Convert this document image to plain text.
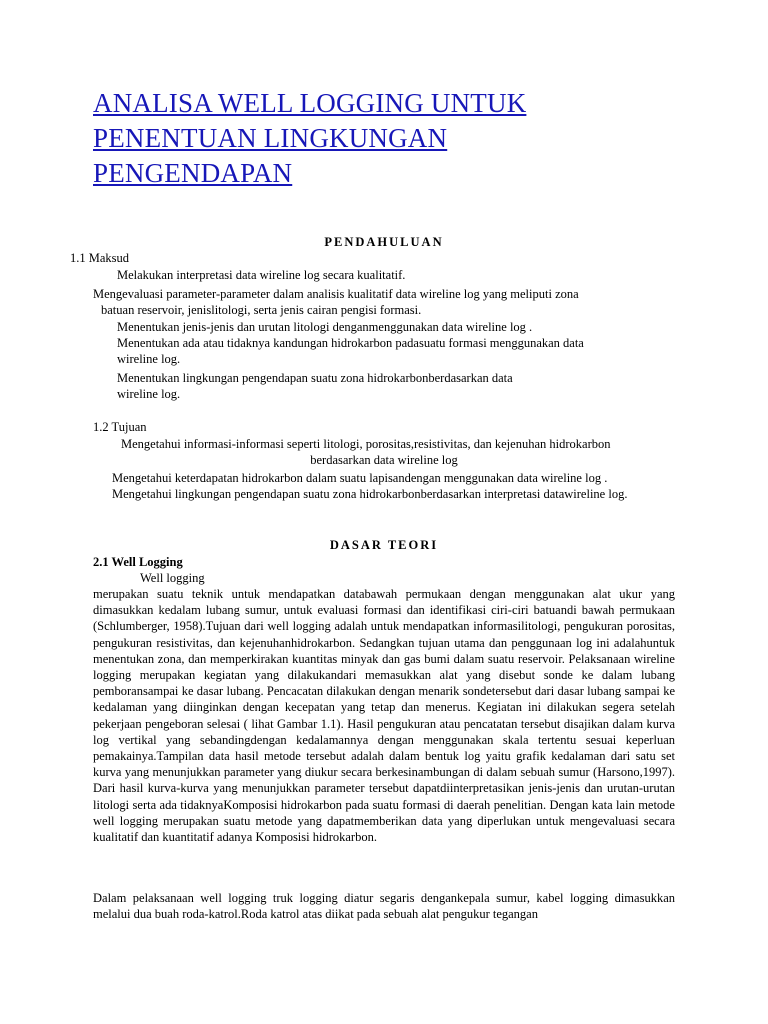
ANALISA WELL LOGGING UNTUK PENENTUAN LINGKUNGAN PENGENDAPAN
PENDAHULUAN
1.1 Maksud
Melakukan interpretasi data wireline log secara kualitatif.
Mengevaluasi parameter-parameter dalam analisis kualitatif data wireline log yang meliputi zona
batuan reservoir, jenislitologi, serta jenis cairan pengisi formasi.
Menentukan jenis-jenis dan urutan litologi denganmenggunakan data wireline log .
Menentukan ada atau tidaknya kandungan hidrokarbon padasuatu formasi menggunakan data
wireline log.
Menentukan lingkungan pengendapan suatu zona hidrokarbonberdasarkan data
wireline log.
1.2 Tujuan
Mengetahui informasi-informasi seperti litologi, porositas,resistivitas, dan kejenuhan hidrokarbon
berdasarkan data wireline log
Mengetahui keterdapatan hidrokarbon dalam suatu lapisandengan menggunakan data wireline log .
Mengetahui lingkungan pengendapan suatu zona hidrokarbonberdasarkan interpretasi datawireline log.
DASAR TEORI
2.1 Well Logging
Well logging
merupakan suatu teknik untuk mendapatkan databawah permukaan dengan menggunakan alat ukur yang dimasukkan kedalam lubang sumur, untuk evaluasi formasi dan identifikasi ciri-ciri batuandi bawah permukaan (Schlumberger, 1958).Tujuan dari well logging adalah untuk mendapatkan informasilitologi, pengukuran porositas, pengukuran resistivitas, dan kejenuhanhidrokarbon. Sedangkan tujuan utama dan penggunaan log ini adalahuntuk menentukan zona, dan memperkirakan kuantitas minyak dan gas bumi dalam suatu reservoir. Pelaksanaan wireline logging merupakan kegiatan yang dilakukandari memasukkan alat yang disebut sonde ke dalam lubang pemboransampai ke dasar lubang. Pencacatan dilakukan dengan menarik sondetersebut dari dasar lubang sampai ke kedalaman yang diinginkan dengan kecepatan yang tetap dan menerus. Kegiatan ini dilakukan segera setelah pekerjaan pengeboran selesai ( lihat Gambar 1.1). Hasil pengukuran atau pencatatan tersebut disajikan dalam kurva log vertikal yang sebandingdengan kedalamannya dengan menggunakan skala tertentu sesuai keperluan pemakainya.Tampilan data hasil metode tersebut adalah dalam bentuk log yaitu grafik kedalaman dari satu set kurva yang menunjukkan parameter yang diukur secara berkesinambungan di dalam sebuah sumur (Harsono,1997). Dari hasil kurva-kurva yang menunjukkan parameter tersebut dapatdiinterpretasikan jenis-jenis dan urutan-urutan litologi serta ada tidaknyaKomposisi hidrokarbon pada suatu formasi di daerah penelitian. Dengan kata lain metode well logging merupakan suatu metode yang dapatmemberikan data yang diperlukan untuk mengevaluasi secara kualitatif dan kuantitatif adanya Komposisi hidrokarbon.
Dalam pelaksanaan well logging truk logging diatur segaris dengankepala sumur, kabel logging dimasukkan melalui dua buah roda-katrol.Roda katrol atas diikat pada sebuah alat pengukur tegangan
